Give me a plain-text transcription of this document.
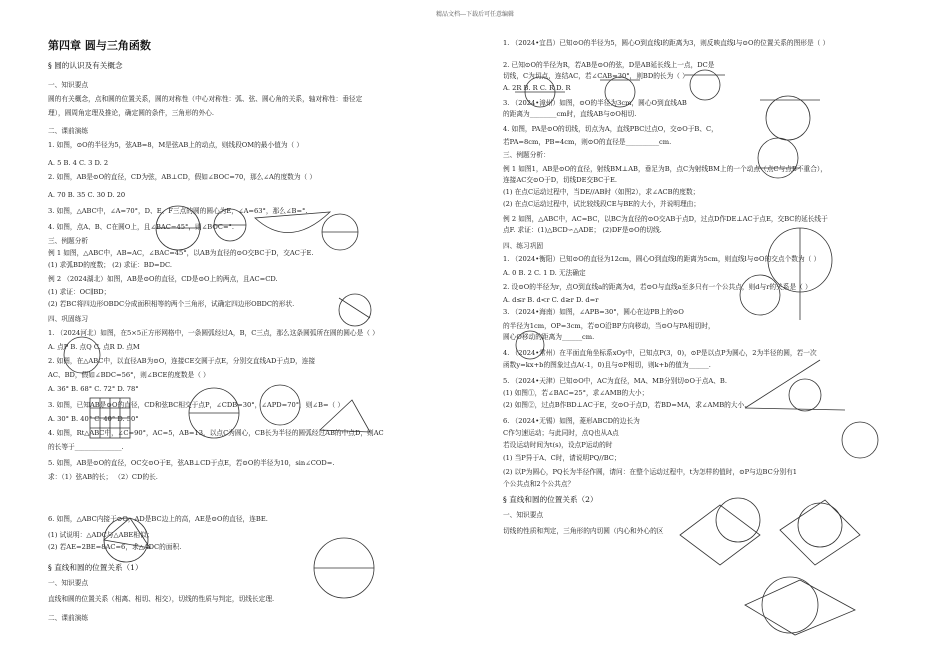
精品文档---下载后可任意编辑
第四章 圆与三角函数
§ 圆的认识及有关概念
一、知识要点
圆的有关概念，点和圆的位置关系，圆的对称性（中心对称性：弧、弦、圆心角的关系，轴对称性：垂径定
理），圆周角定理及推论，确定圆的条件，三角形的外心.
二、课前演练
1. 如图，⊙O的半径为5，弦AB=8，M是弦AB上的动点，则线段OM的最小值为（ ）
A. 5 B. 4 C. 3 D. 2
2. 如图，AB是⊙O的直径，CD为弦，AB⊥CD，假如∠BOC=70，那么∠A的度数为（ ）
A. 70 B. 35 C. 30 D. 20
3. 如图，△ABC中，∠A=70°，D、E、F三点的圆的圆心为E，∠A=63°，那么∠B=°.
4. 如图，点A、B、C在圆O上，且∠BAC=45°，则∠BOC=°.
三、例题分析
例 1 如图，△ABC中，AB=AC，∠BAC=45°，以AB为直径的⊙O交BC于D，交AC于E.
(1) 求弧BD的度数； (2) 求证：BD=DC.
例 2 （2024湖北）如图，AB是⊙O的直径，CD是⊙O上的两点，且AC=CD.
(1) 求证：OC∥BD；
(2) 若BC将四边形OBDC分成面积相等的两个三角形，试确定四边形OBDC的形状.
四、巩固练习
1. （2024河北）如图，在5×5正方形网格中，一条圆弧经过A，B，C三点，那么这条圆弧所在圆的圆心是（ ）
A. 点P B. 点Q C. 点R D. 点M
2. 如图，在△ABC中，以直径AB为⊙O，连接CE交圆于点E，分别交直线AD于点D，连接
AC、BD，假如∠BDC=56°，则∠BCE的度数是（ ）
A. 36° B. 68° C. 72° D. 78°
3. 如图，已知AB是⊙O的直径，CD和弦BC相交于点P，∠CDB=30°，∠APD=70°，则∠B=（ ）
A. 30° B. 40° C. 40° D. 50°
4. 如图，Rt△ABC中，∠C=90°，AC=5，AB=13，以点C为圆心，CB长为半径的圆弧经过AB的中点D，则AC
的长等于______________.
5. 如图，AB是⊙O的直径，OC交⊙O于E，弦AB⊥CD于点E，若⊙O的半径为10，sin∠COD=.
求：（1）弦AB的长； （2）CD的长.
6. 如图，△ABC内接于⊙O，AD是BC边上的高，AE是⊙O的直径，连BE.
(1) 试说明：△ADC与△ABE相似；
(2) 若AE=2BE=8AC=6，求△ADC的面积.
§ 直线和圆的位置关系（1）
一、知识要点
直线和圆的位置关系（相离、相切、相交），切线的性质与判定，切线长定理.
二、课前演练
1. （2024•宜昌）已知⊙O的半径为5，圆心O到直线l的距离为3，则反映直线l与⊙O的位置关系的图形是（ ）
2. 已知⊙O的半径为R，若AB是⊙O的弦，D是AB延长线上一点，DC是
切线，C为切点，连结AC，若∠CAB=30°，则BD的长为（ ）
A. 2R B. R C. R D. R
3. （2024•漳州）如图，⊙O的半径为3cm，圆心O到直线AB
的距离为________cm时，直线AB与⊙O相切.
4. 如图，PA是⊙O的切线，切点为A，直线PBC过点O，交⊙O于B、C，
若PA=8cm，PB=4cm，则⊙O的直径是__________cm.
三、例题分析：
例 1 如图1，AB是⊙O的直径，射线BM⊥AB，垂足为B，点C为射线BM上的一个动点（点C与点B不重合），
连接AC交⊙O于D，切线DE交BC于E.
(1) 在点C运动过程中，当DE//AB时（如图2），求∠ACB的度数；
(2) 在点C运动过程中，试比较线段CE与BE的大小，并说明理由；
例 2 如图，△ABC中，AC=BC，以BC为直径的⊙O交AB于点D，过点D作DE⊥AC于点E，交BC的延长线于
点F. 求证：(1)△BCD∽△ADE； (2)DF是⊙O的切线.
四、练习巩固
1. （2024•衡阳）已知⊙O的直径为12cm，圆心O到直线l的距离为5cm，则直线l与⊙O的交点个数为（ ）
A. 0 B. 2 C. 1 D. 无法确定
2. 设⊙O的半径为r，点O到直线a的距离为d，若⊙O与直线a至多只有一个公共点，则d与r的关系是（ ）
A. d≤r B. d<r C. d≥r D. d=r
3. （2024•海南）如图，∠APB=30°，圆心在边PB上的⊙O
的半径为1cm，OP=3cm，若⊙O沿BP方向移动，当⊙O与PA相切时，
圆心O移动的距离为______cm.
4. （2024•常州）在平面直角坐标系xOy中，已知点P(3，0)，⊙P是以点P为圆心，2为半径的圆，若一次
函数y=kx+b的图象过点A(-1，0)且与⊙P相切，则k+b的值为______.
5. （2024•天津）已知⊙O中，AC为直径，MA、MB分别切⊙O于点A、B.
(1) 如图①，若∠BAC=25°，求∠AMB的大小；
(2) 如图②，过点B作BD⊥AC于E，交⊙O于点D，若BD=MA，求∠AMB的大小.
6. （2024•无锡）如图，菱形ABCD的边长为
C作匀速运动；与此同时，点Q也从A点
若设运动时间为t(s)，设点P运动的时
(1) 当P异于A、C时，请说明PQ//BC；
(2) 以P为圆心，PQ长为半径作圆，请问：在整个运动过程中，t为怎样的值时，⊙P与边BC分别有1
个公共点和2个公共点？
§ 直线和圆的位置关系（2）
一、知识要点
切线的性质和判定，三角形的内切圆（内心和外心的区
